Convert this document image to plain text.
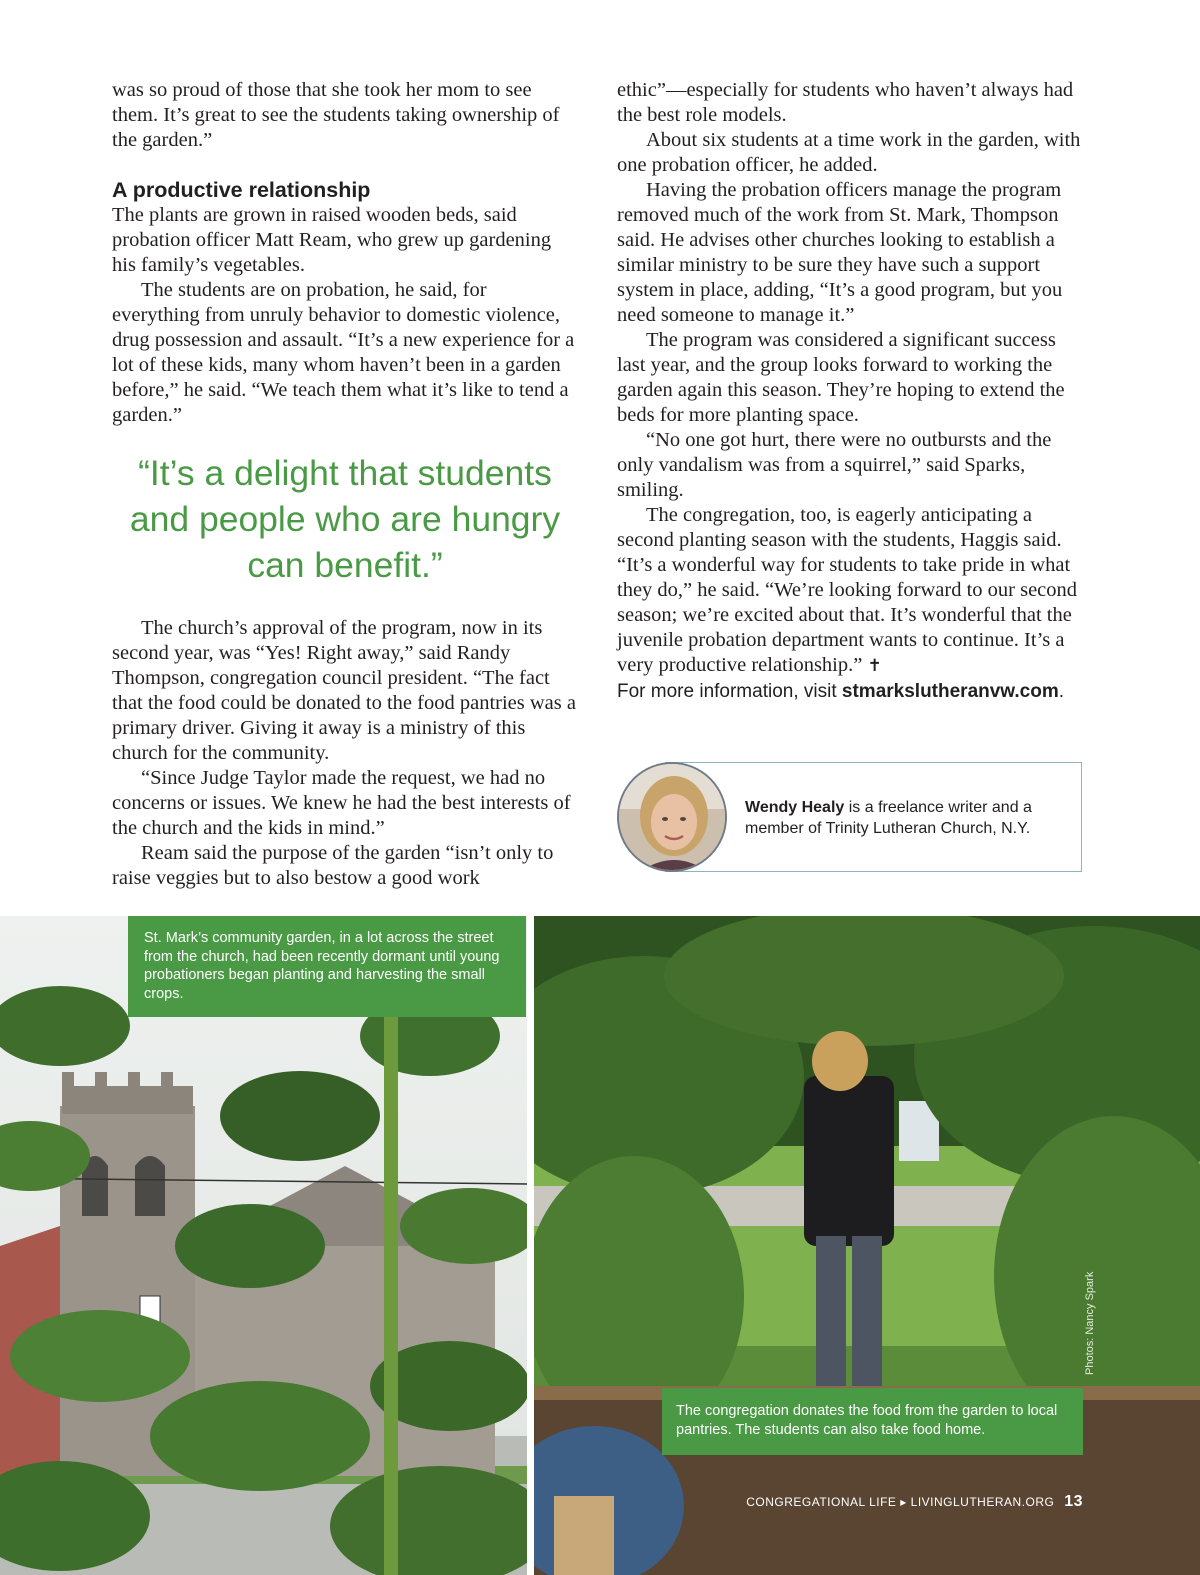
was so proud of those that she took her mom to see them. It’s great to see the students taking ownership of the garden.”

A productive relationship

The plants are grown in raised wooden beds, said probation officer Matt Ream, who grew up gardening his family’s vegetables.

The students are on probation, he said, for everything from unruly behavior to domestic violence, drug possession and assault. “It’s a new experience for a lot of these kids, many whom haven’t been in a garden before,” he said. “We teach them what it’s like to tend a garden.”

“It’s a delight that students and people who are hungry can benefit.”

The church’s approval of the program, now in its second year, was “Yes! Right away,” said Randy Thompson, congregation council president. “The fact that the food could be donated to the food pantries was a primary driver. Giving it away is a ministry of this church for the community.

“Since Judge Taylor made the request, we had no concerns or issues. We knew he had the best interests of the church and the kids in mind.”

Ream said the purpose of the garden “isn’t only to raise veggies but to also bestow a good work

ethic”—especially for students who haven’t always had the best role models.

About six students at a time work in the garden, with one probation officer, he added.

Having the probation officers manage the program removed much of the work from St. Mark, Thompson said. He advises other churches looking to establish a similar ministry to be sure they have such a support system in place, adding, “It’s a good program, but you need someone to manage it.”

The program was considered a significant success last year, and the group looks forward to working the garden again this season. They’re hoping to extend the beds for more planting space.

“No one got hurt, there were no outbursts and the only vandalism was from a squirrel,” said Sparks, smiling.

The congregation, too, is eagerly anticipating a second planting season with the students, Haggis said. “It’s a wonderful way for students to take pride in what they do,” he said. “We’re looking forward to our second season; we’re excited about that. It’s wonderful that the juvenile probation department wants to continue. It’s a very productive relationship.” ✝

For more information, visit stmarkslutheranvw.com.

Wendy Healy is a freelance writer and a member of Trinity Lutheran Church, N.Y.
St. Mark’s community garden, in a lot across the street from the church, had been recently dormant until young probationers began planting and harvesting the small crops.
The congregation donates the food from the garden to local pantries. The students can also take food home.
Photos: Nancy Spark
CONGREGATIONAL LIFE ▸ LIVINGLUTHERAN.ORG 13
